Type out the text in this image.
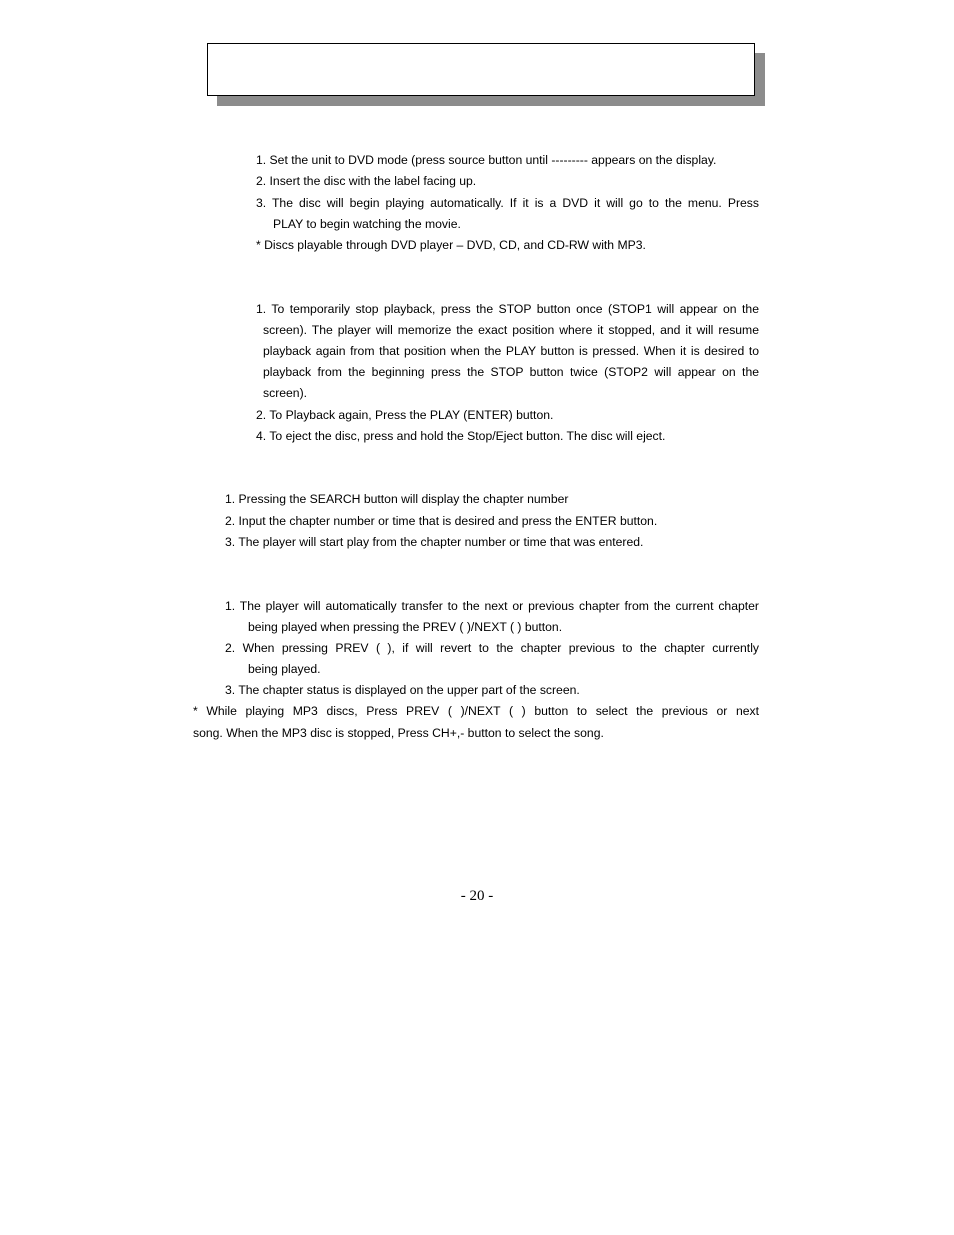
1. Set the unit to DVD mode (press source button until --------- appears on the display.

2. Insert the disc with the label facing up.

3. The disc will begin playing automatically. If it is a DVD it will go to the menu. Press

PLAY to begin watching the movie.

* Discs playable through DVD player – DVD, CD, and CD-RW with MP3.

1. To temporarily stop playback, press the STOP button once (STOP1 will appear on the

screen). The player will memorize the exact position where it stopped, and it will resume

playback again from that position when the PLAY button is pressed. When it is desired to

playback from the beginning press the STOP button twice (STOP2 will appear on the

screen).

2. To Playback again, Press the PLAY (ENTER) button.

4. To eject the disc, press and hold the Stop/Eject button. The disc will eject.

1. Pressing the SEARCH button will display the chapter number

2. Input the chapter number or time that is desired and press the ENTER button.

3. The player will start play from the chapter number or time that was entered.

1. The player will automatically transfer to the next or previous chapter from the current chapter

being played when pressing the PREV ( )/NEXT ( ) button.

2. When pressing PREV ( ), if will revert to the chapter previous to the chapter currently

being played.

3. The chapter status is displayed on the upper part of the screen.

* While playing MP3 discs, Press PREV ( )/NEXT ( ) button to select the previous or next

song. When the MP3 disc is stopped, Press CH+,- button to select the song.

- 20 -
